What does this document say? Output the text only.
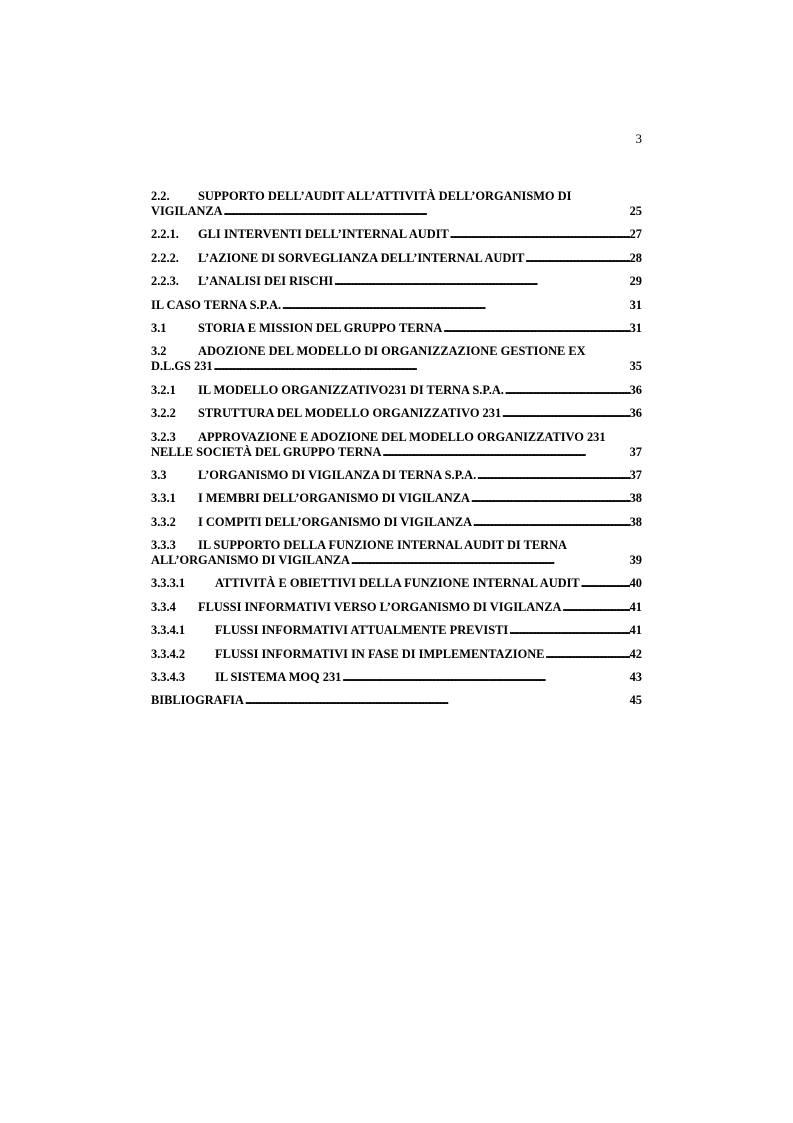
3
2.2. SUPPORTO DELL’AUDIT ALL’ATTIVITÀ DELL’ORGANISMO DI
VIGILANZA . . .	25
2.2.1. GLI INTERVENTI DELL’INTERNAL AUDIT . . .	27
2.2.2. L’AZIONE DI SORVEGLIANZA DELL’INTERNAL AUDIT . . .	28
2.2.3. L’ANALISI DEI RISCHI . . .	29
IL CASO TERNA S.P.A. . . .	31
3.1	STORIA E MISSION DEL GRUPPO TERNA . . .	31
3.2	ADOZIONE DEL MODELLO DI ORGANIZZAZIONE GESTIONE EX
D.L.GS 231 . . .	35
3.2.1 IL MODELLO ORGANIZZATIVO231 DI TERNA S.P.A. . . .	36
3.2.2 STRUTTURA DEL MODELLO ORGANIZZATIVO 231 . . .	36
3.2.3 APPROVAZIONE E ADOZIONE DEL MODELLO ORGANIZZATIVO 231
NELLE SOCIETÀ DEL GRUPPO TERNA . . .	37
3.3	L’ORGANISMO DI VIGILANZA DI TERNA S.P.A. . . .	37
3.3.1 I MEMBRI DELL’ORGANISMO DI VIGILANZA . . .	38
3.3.2 I COMPITI DELL’ORGANISMO DI VIGILANZA . . .	38
3.3.3 IL SUPPORTO DELLA FUNZIONE INTERNAL AUDIT DI TERNA
ALL’ORGANISMO DI VIGILANZA . . .	39
3.3.3.1 ATTIVITÀ E OBIETTIVI DELLA FUNZIONE INTERNAL AUDIT . . .	40
3.3.4 FLUSSI INFORMATIVI VERSO L’ORGANISMO DI VIGILANZA . . .	41
3.3.4.1 FLUSSI INFORMATIVI ATTUALMENTE PREVISTI . . .	41
3.3.4.2 FLUSSI INFORMATIVI IN FASE DI IMPLEMENTAZIONE . . .	42
3.3.4.3 IL SISTEMA MOQ 231 . . .	43
BIBLIOGRAFIA . . .	45
